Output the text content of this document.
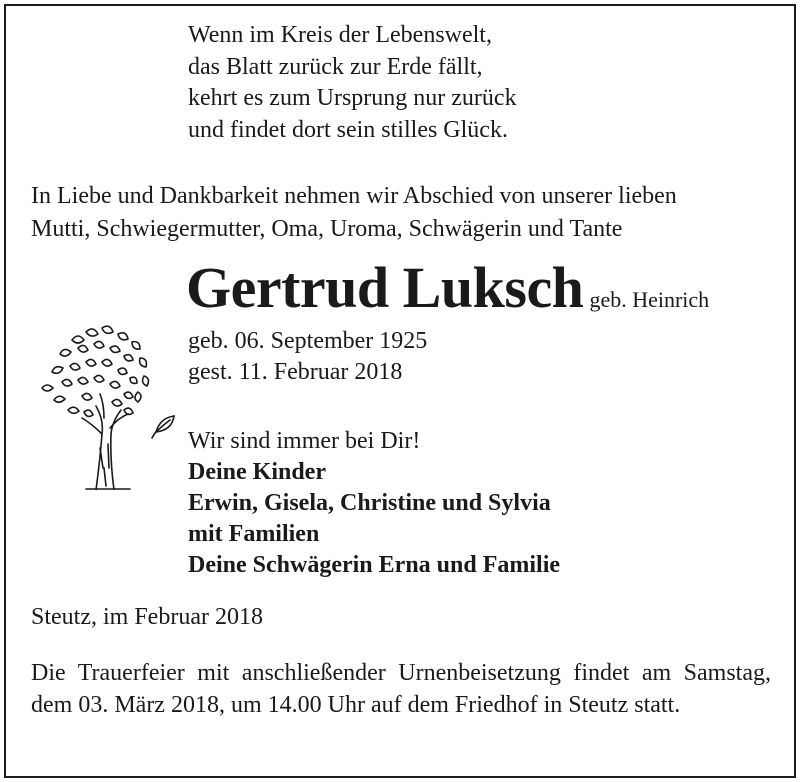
Wenn im Kreis der Lebenswelt,
das Blatt zurück zur Erde fällt,
kehrt es zum Ursprung nur zurück
und findet dort sein stilles Glück.
In Liebe und Dankbarkeit nehmen wir Abschied von unserer lieben
Mutti, Schwiegermutter, Oma, Uroma, Schwägerin und Tante
Gertrud Luksch geb. Heinrich
geb. 06. September 1925
gest. 11. Februar 2018
Wir sind immer bei Dir!
Deine Kinder
Erwin, Gisela, Christine und Sylvia
mit Familien
Deine Schwägerin Erna und Familie
Steutz, im Februar 2018
Die Trauerfeier mit anschließender Urnenbeisetzung findet am Samstag, dem 03. März 2018, um 14.00 Uhr auf dem Friedhof in Steutz statt.
